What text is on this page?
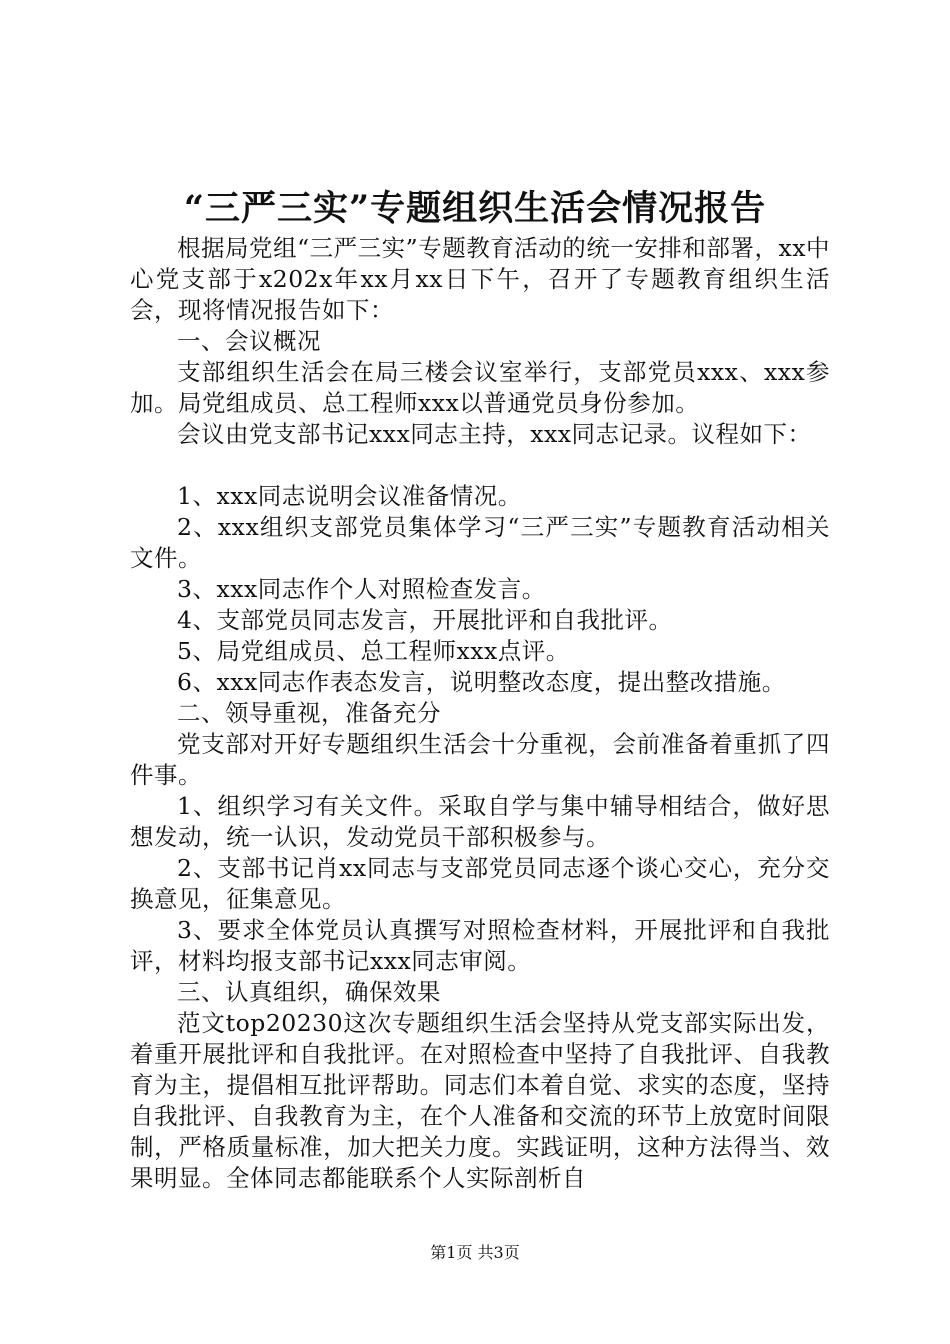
“三严三实”专题组织生活会情况报告

根据局党组“三严三实”专题教育活动的统一安排和部署，xx中心党支部于x202x年xx月xx日下午，召开了专题教育组织生活会，现将情况报告如下：

一、会议概况

支部组织生活会在局三楼会议室举行，支部党员xxx、xxx参加。局党组成员、总工程师xxx以普通党员身份参加。

会议由党支部书记xxx同志主持，xxx同志记录。议程如下：

1、xxx同志说明会议准备情况。

2、xxx组织支部党员集体学习“三严三实”专题教育活动相关文件。

3、xxx同志作个人对照检查发言。

4、支部党员同志发言，开展批评和自我批评。

5、局党组成员、总工程师xxx点评。

6、xxx同志作表态发言，说明整改态度，提出整改措施。

二、领导重视，准备充分

党支部对开好专题组织生活会十分重视，会前准备着重抓了四件事。

1、组织学习有关文件。采取自学与集中辅导相结合，做好思想发动，统一认识，发动党员干部积极参与。

2、支部书记肖xx同志与支部党员同志逐个谈心交心，充分交换意见，征集意见。

3、要求全体党员认真撰写对照检查材料，开展批评和自我批评，材料均报支部书记xxx同志审阅。

三、认真组织，确保效果

范文top20230这次专题组织生活会坚持从党支部实际出发，着重开展批评和自我批评。在对照检查中坚持了自我批评、自我教育为主，提倡相互批评帮助。同志们本着自觉、求实的态度，坚持自我批评、自我教育为主，在个人准备和交流的环节上放宽时间限制，严格质量标准，加大把关力度。实践证明，这种方法得当、效果明显。全体同志都能联系个人实际剖析自

第1页 共3页
